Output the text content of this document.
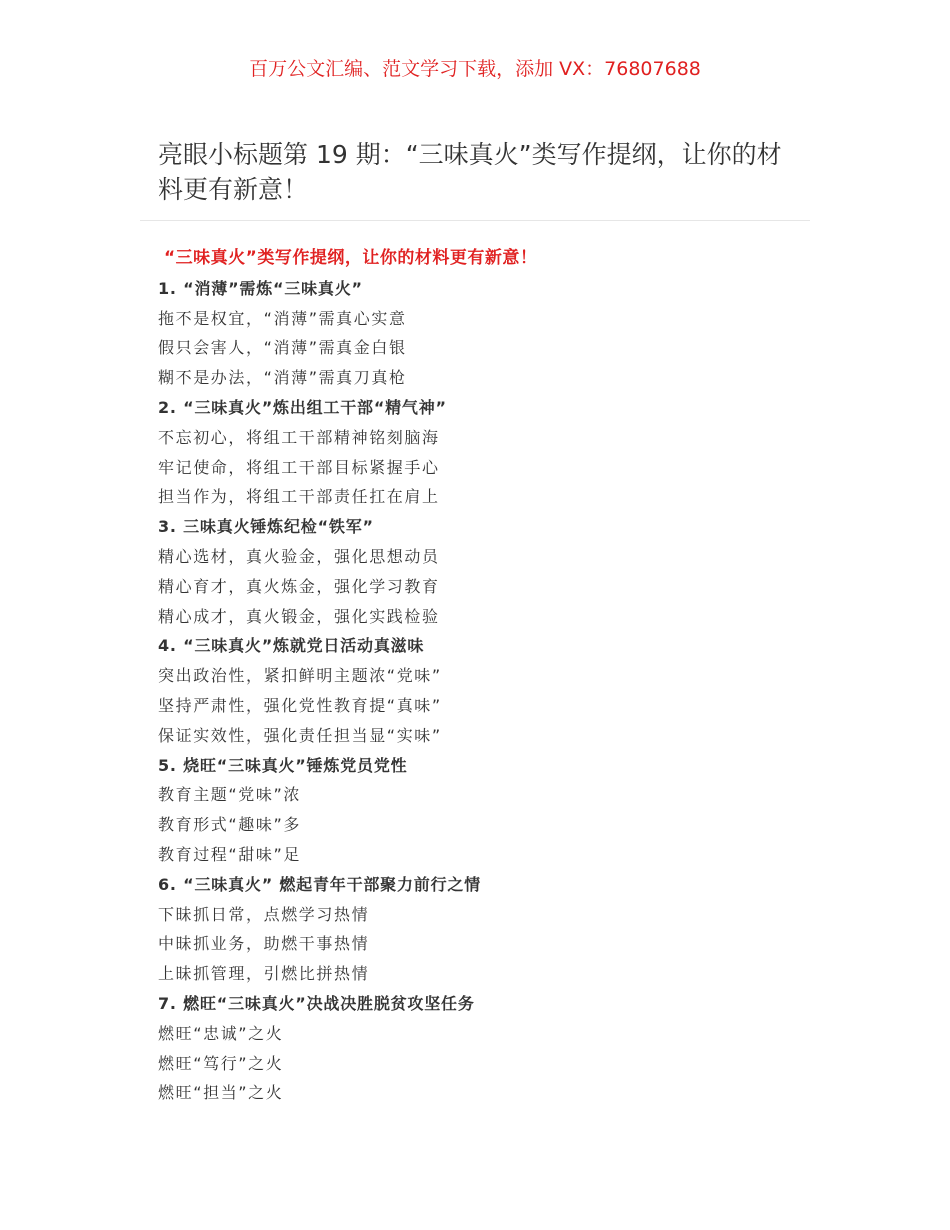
百万公文汇编、范文学习下载，添加 VX：76807688
亮眼小标题第 19 期：“三味真火”类写作提纲，让你的材料更有新意！
“三味真火”类写作提纲，让你的材料更有新意！
1. “消薄”需炼“三味真火”
拖不是权宜，“消薄”需真心实意
假只会害人，“消薄”需真金白银
糊不是办法，“消薄”需真刀真枪
2. “三味真火”炼出组工干部“精气神”
不忘初心，将组工干部精神铭刻脑海
牢记使命，将组工干部目标紧握手心
担当作为，将组工干部责任扛在肩上
3. 三味真火锤炼纪检“铁军”
精心选材，真火验金，强化思想动员
精心育才，真火炼金，强化学习教育
精心成才，真火锻金，强化实践检验
4. “三味真火”炼就党日活动真滋味
突出政治性，紧扣鲜明主题浓“党味”
坚持严肃性，强化党性教育提“真味”
保证实效性，强化责任担当显“实味”
5. 烧旺“三味真火”锤炼党员党性
教育主题“党味”浓
教育形式“趣味”多
教育过程“甜味”足
6. “三味真火” 燃起青年干部聚力前行之情
下昧抓日常，点燃学习热情
中昧抓业务，助燃干事热情
上昧抓管理，引燃比拼热情
7. 燃旺“三味真火”决战决胜脱贫攻坚任务
燃旺“忠诚”之火
燃旺“笃行”之火
燃旺“担当”之火
